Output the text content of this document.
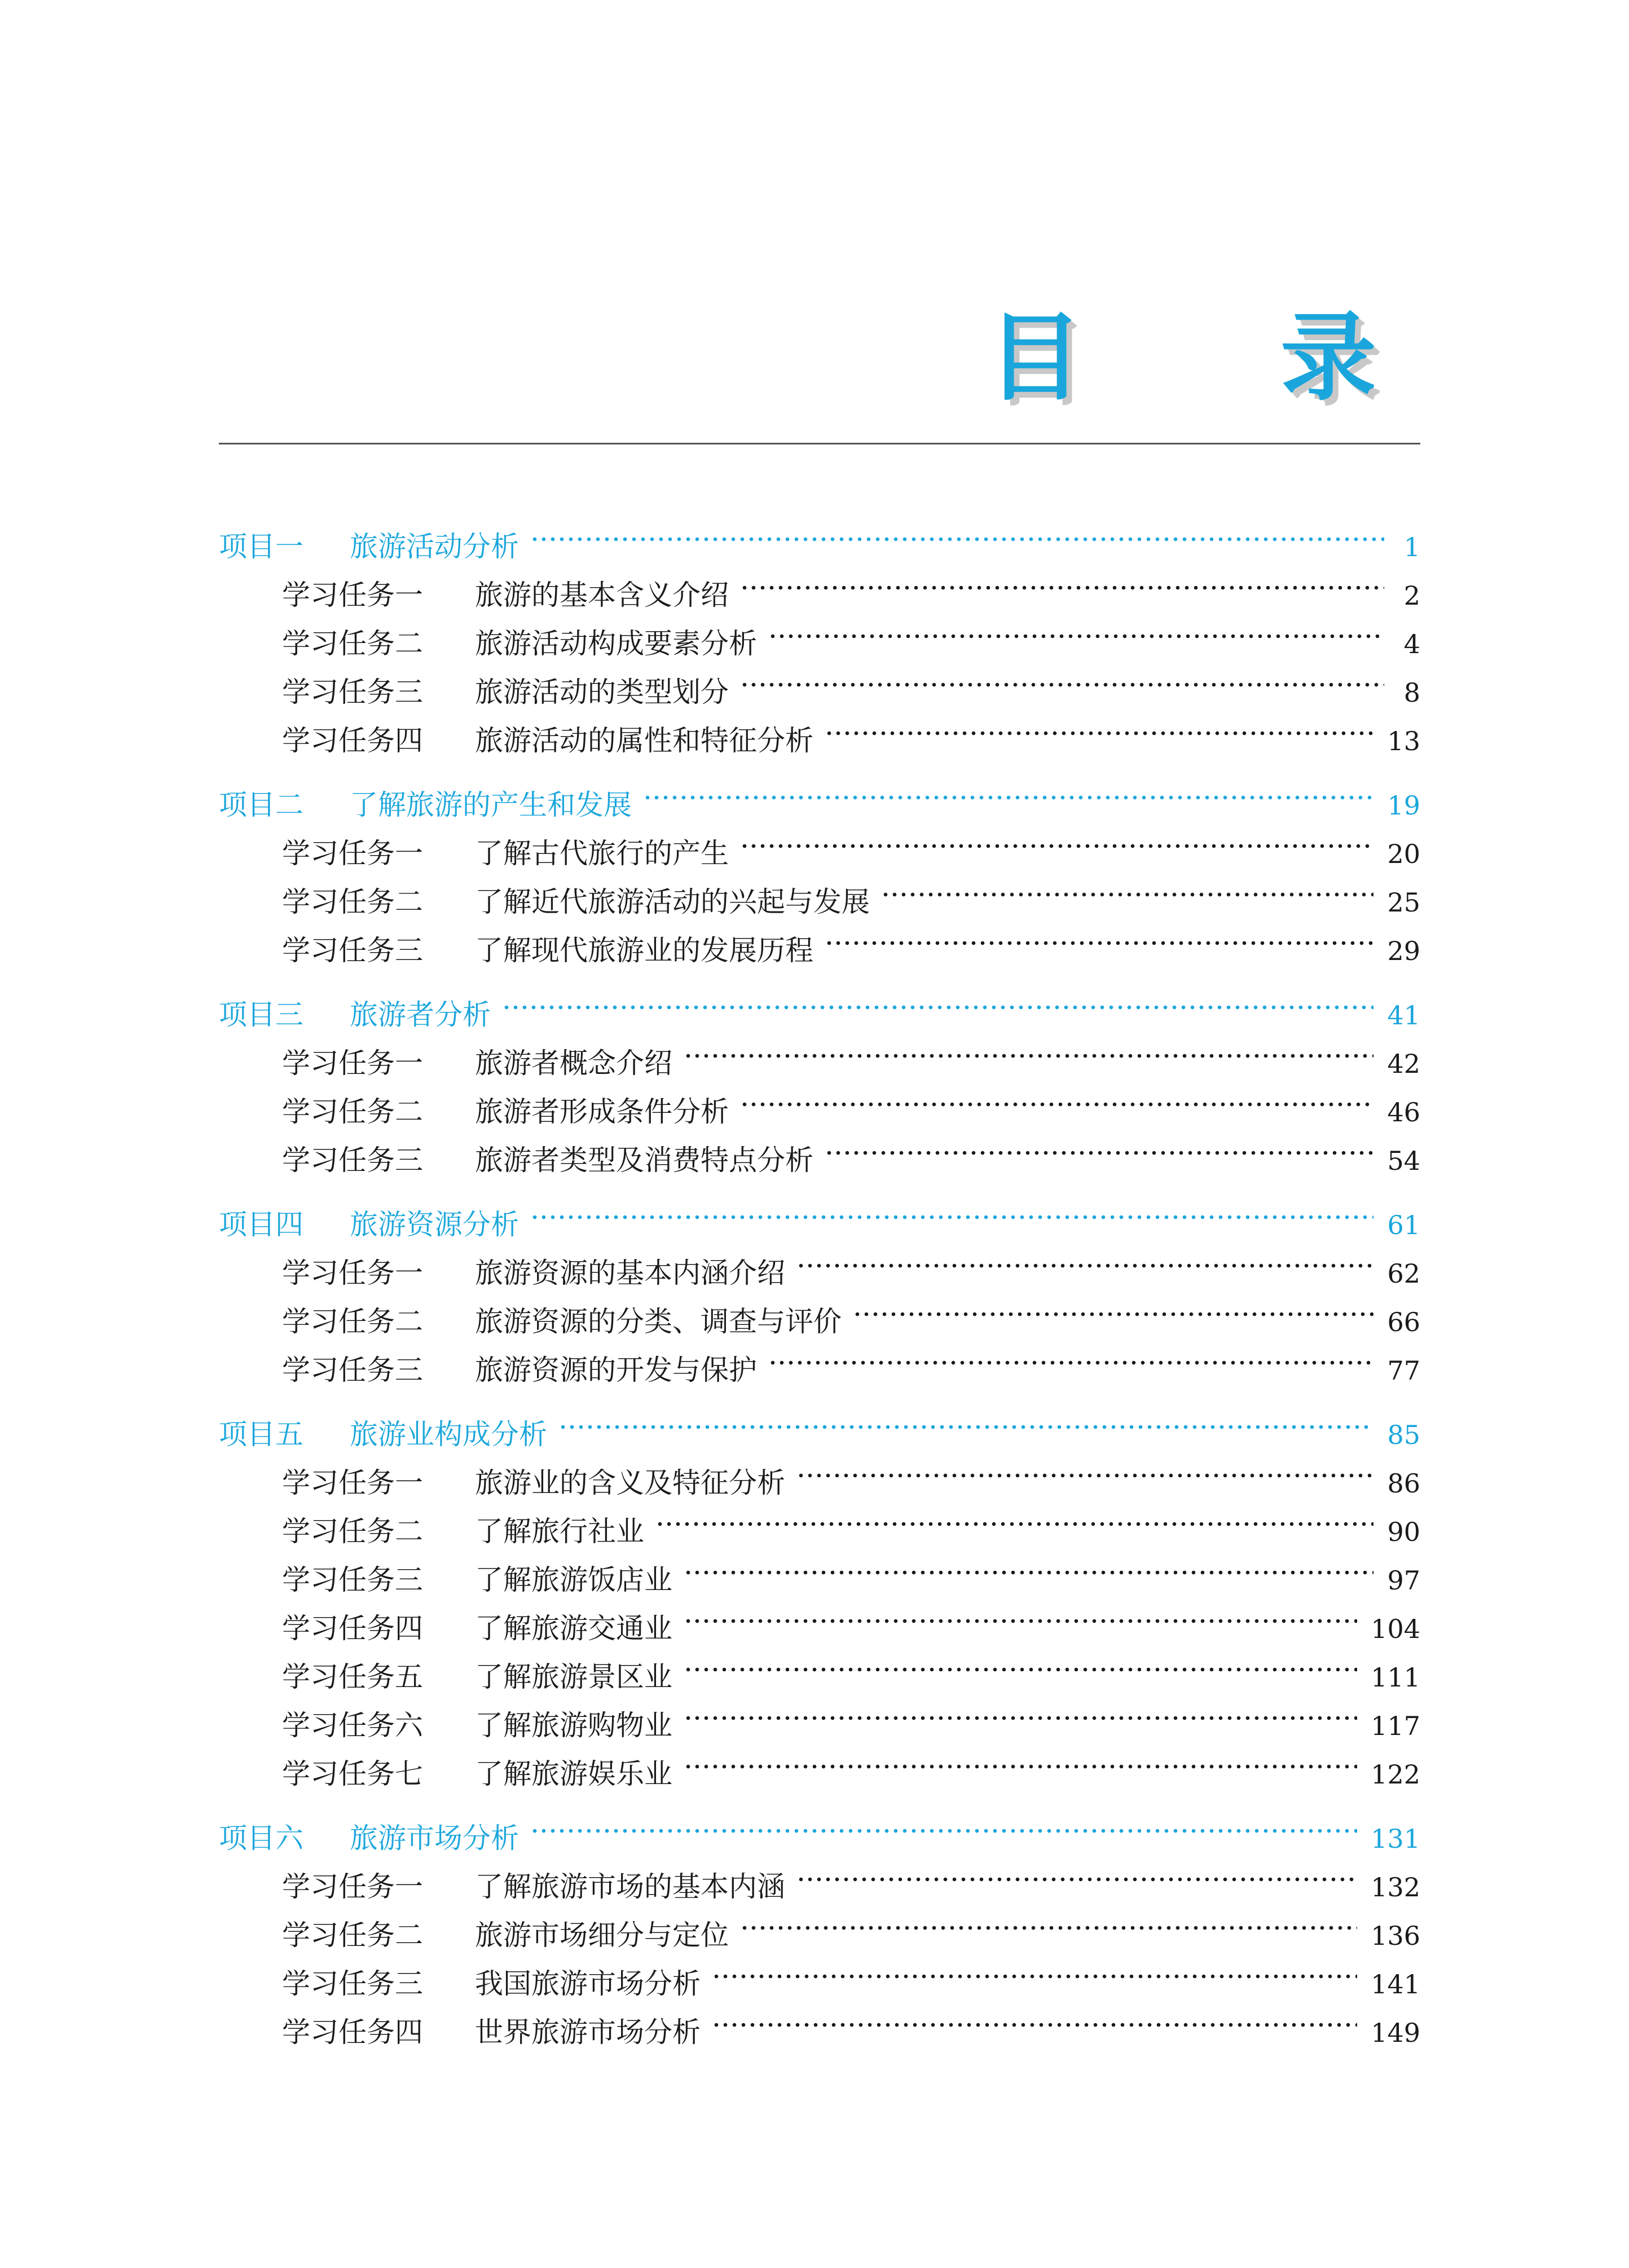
目 录
项目一	旅游活动分析	1
学习任务一	旅游的基本含义介绍	2
学习任务二	旅游活动构成要素分析	4
学习任务三	旅游活动的类型划分	8
学习任务四	旅游活动的属性和特征分析	13
项目二	了解旅游的产生和发展	19
学习任务一	了解古代旅行的产生	20
学习任务二	了解近代旅游活动的兴起与发展	25
学习任务三	了解现代旅游业的发展历程	29
项目三	旅游者分析	41
学习任务一	旅游者概念介绍	42
学习任务二	旅游者形成条件分析	46
学习任务三	旅游者类型及消费特点分析	54
项目四	旅游资源分析	61
学习任务一	旅游资源的基本内涵介绍	62
学习任务二	旅游资源的分类、调查与评价	66
学习任务三	旅游资源的开发与保护	77
项目五	旅游业构成分析	85
学习任务一	旅游业的含义及特征分析	86
学习任务二	了解旅行社业	90
学习任务三	了解旅游饭店业	97
学习任务四	了解旅游交通业	104
学习任务五	了解旅游景区业	111
学习任务六	了解旅游购物业	117
学习任务七	了解旅游娱乐业	122
项目六	旅游市场分析	131
学习任务一	了解旅游市场的基本内涵	132
学习任务二	旅游市场细分与定位	136
学习任务三	我国旅游市场分析	141
学习任务四	世界旅游市场分析	149
